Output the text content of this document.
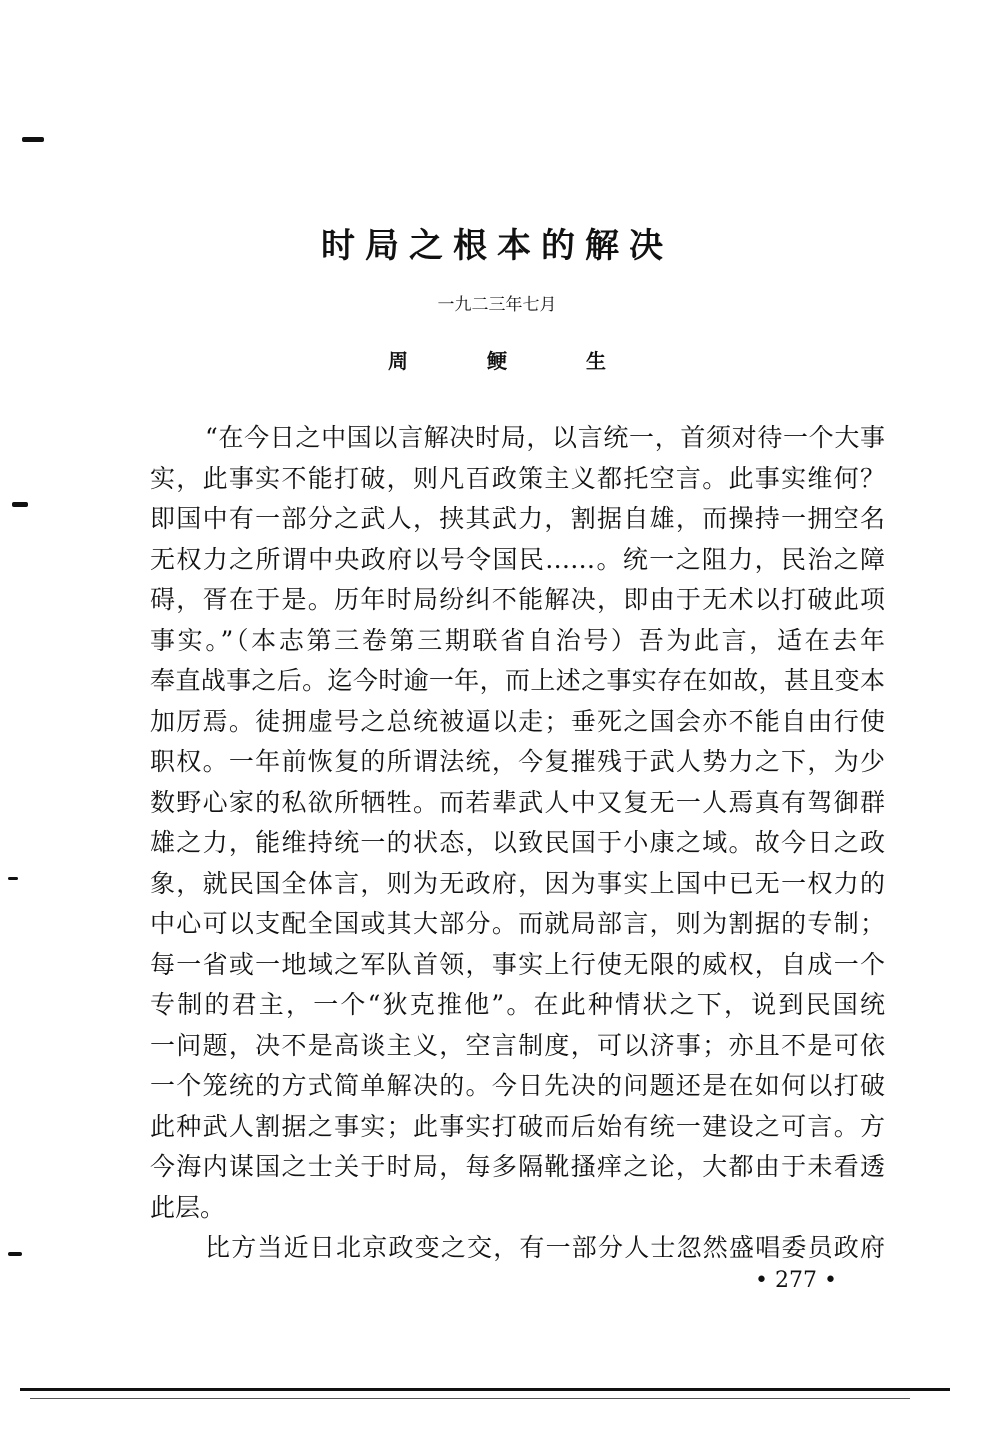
时局之根本的解决

一九二三年七月

周 鲠 生

“在今日之中国以言解决时局，以言统一，首须对待一个大事
实，此事实不能打破，则凡百政策主义都托空言。此事实维何？
即国中有一部分之武人，挟其武力，割据自雄，而操持一拥空名
无权力之所谓中央政府以号令国民……。统一之阻力，民治之障
碍，胥在于是。历年时局纷纠不能解决，即由于无术以打破此项
事实。”（本志第三卷第三期联省自治号）吾为此言，适在去年
奉直战事之后。迄今时逾一年，而上述之事实存在如故，甚且变本
加厉焉。徒拥虚号之总统被逼以走；垂死之国会亦不能自由行使
职权。一年前恢复的所谓法统，今复摧残于武人势力之下，为少
数野心家的私欲所牺牲。而若辈武人中又复无一人焉真有驾御群
雄之力，能维持统一的状态，以致民国于小康之域。故今日之政
象，就民国全体言，则为无政府，因为事实上国中已无一权力的
中心可以支配全国或其大部分。而就局部言，则为割据的专制；
每一省或一地域之军队首领，事实上行使无限的威权，自成一个
专制的君主，一个“狄克推他”。在此种情状之下，说到民国统
一问题，决不是高谈主义，空言制度，可以济事；亦且不是可依
一个笼统的方式简单解决的。今日先决的问题还是在如何以打破
此种武人割据之事实；此事实打破而后始有统一建设之可言。方
今海内谋国之士关于时局，每多隔靴搔痒之论，大都由于未看透
此层。
比方当近日北京政变之交，有一部分人士忽然盛唱委员政府
• 277 •
